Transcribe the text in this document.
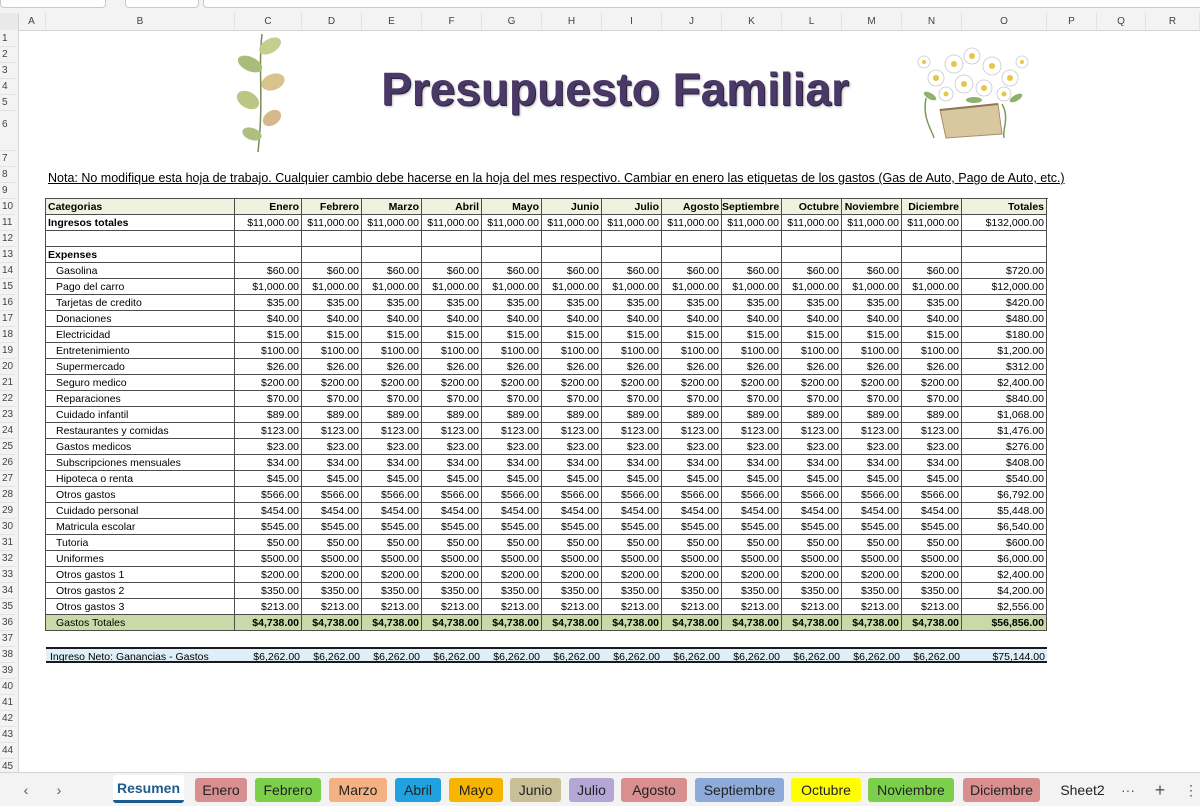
A	B	C	D	E	F	G	H	I	J	K	L	M	N	O	P	Q	R
1
2
3
4
5
6
7
8
9
10
11
12
13
14
15
16
17
18
19
20
21
22
23
24
25
26
27
28
29
30
31
32
33
34
35
36
37
38
39
40
41
42
43
44
45
Presupuesto Familiar
Nota: No modifique esta hoja de trabajo. Cualquier cambio debe hacerse en la hoja del mes respectivo. Cambiar en enero las etiquetas de los gastos (Gas de Auto, Pago de Auto, etc.)
Categorias	Enero	Febrero	Marzo	Abril	Mayo	Junio	Julio	Agosto Septiembre	Octubre Noviembre Diciembre	Totales
Ingresos totales	$11,000.00 $11,000.00 $11,000.00 $11,000.00 $11,000.00 $11,000.00 $11,000.00 $11,000.00 $11,000.00 $11,000.00 $11,000.00 $11,000.00	$132,000.00
Expenses
Gasolina	$60.00	$60.00	$60.00	$60.00	$60.00	$60.00	$60.00	$60.00	$60.00	$60.00	$60.00	$60.00	$720.00
Pago del carro	$1,000.00	$1,000.00	$1,000.00	$1,000.00	$1,000.00	$1,000.00	$1,000.00	$1,000.00	$1,000.00	$1,000.00	$1,000.00	$1,000.00	$12,000.00
Tarjetas de credito	$35.00	$35.00	$35.00	$35.00	$35.00	$35.00	$35.00	$35.00	$35.00	$35.00	$35.00	$35.00	$420.00
Donaciones	$40.00	$40.00	$40.00	$40.00	$40.00	$40.00	$40.00	$40.00	$40.00	$40.00	$40.00	$40.00	$480.00
Electricidad	$15.00	$15.00	$15.00	$15.00	$15.00	$15.00	$15.00	$15.00	$15.00	$15.00	$15.00	$15.00	$180.00
Entretenimiento	$100.00	$100.00	$100.00	$100.00	$100.00	$100.00	$100.00	$100.00	$100.00	$100.00	$100.00	$100.00	$1,200.00
Supermercado	$26.00	$26.00	$26.00	$26.00	$26.00	$26.00	$26.00	$26.00	$26.00	$26.00	$26.00	$26.00	$312.00
Seguro medico	$200.00	$200.00	$200.00	$200.00	$200.00	$200.00	$200.00	$200.00	$200.00	$200.00	$200.00	$200.00	$2,400.00
Reparaciones	$70.00	$70.00	$70.00	$70.00	$70.00	$70.00	$70.00	$70.00	$70.00	$70.00	$70.00	$70.00	$840.00
Cuidado infantil	$89.00	$89.00	$89.00	$89.00	$89.00	$89.00	$89.00	$89.00	$89.00	$89.00	$89.00	$89.00	$1,068.00
Restaurantes y comidas	$123.00	$123.00	$123.00	$123.00	$123.00	$123.00	$123.00	$123.00	$123.00	$123.00	$123.00	$123.00	$1,476.00
Gastos medicos	$23.00	$23.00	$23.00	$23.00	$23.00	$23.00	$23.00	$23.00	$23.00	$23.00	$23.00	$23.00	$276.00
Subscripciones mensuales	$34.00	$34.00	$34.00	$34.00	$34.00	$34.00	$34.00	$34.00	$34.00	$34.00	$34.00	$34.00	$408.00
Hipoteca o renta	$45.00	$45.00	$45.00	$45.00	$45.00	$45.00	$45.00	$45.00	$45.00	$45.00	$45.00	$45.00	$540.00
Otros gastos	$566.00	$566.00	$566.00	$566.00	$566.00	$566.00	$566.00	$566.00	$566.00	$566.00	$566.00	$566.00	$6,792.00
Cuidado personal	$454.00	$454.00	$454.00	$454.00	$454.00	$454.00	$454.00	$454.00	$454.00	$454.00	$454.00	$454.00	$5,448.00
Matricula escolar	$545.00	$545.00	$545.00	$545.00	$545.00	$545.00	$545.00	$545.00	$545.00	$545.00	$545.00	$545.00	$6,540.00
Tutoria	$50.00	$50.00	$50.00	$50.00	$50.00	$50.00	$50.00	$50.00	$50.00	$50.00	$50.00	$50.00	$600.00
Uniformes	$500.00	$500.00	$500.00	$500.00	$500.00	$500.00	$500.00	$500.00	$500.00	$500.00	$500.00	$500.00	$6,000.00
Otros gastos 1	$200.00	$200.00	$200.00	$200.00	$200.00	$200.00	$200.00	$200.00	$200.00	$200.00	$200.00	$200.00	$2,400.00
Otros gastos 2	$350.00	$350.00	$350.00	$350.00	$350.00	$350.00	$350.00	$350.00	$350.00	$350.00	$350.00	$350.00	$4,200.00
Otros gastos 3	$213.00	$213.00	$213.00	$213.00	$213.00	$213.00	$213.00	$213.00	$213.00	$213.00	$213.00	$213.00	$2,556.00
Gastos Totales	$4,738.00	$4,738.00	$4,738.00	$4,738.00	$4,738.00	$4,738.00	$4,738.00	$4,738.00	$4,738.00	$4,738.00	$4,738.00	$4,738.00	$56,856.00
Ingreso Neto: Ganancias - Gastos	$6,262.00	$6,262.00	$6,262.00	$6,262.00	$6,262.00	$6,262.00	$6,262.00	$6,262.00	$6,262.00	$6,262.00	$6,262.00	$6,262.00	$75,144.00
‹	›	···	+	⋮
Resumen	Enero	Febrero	Marzo	Abril	Mayo	Junio	Julio	Agosto	Septiembre	Octubre	Noviembre	Diciembre	Sheet2
